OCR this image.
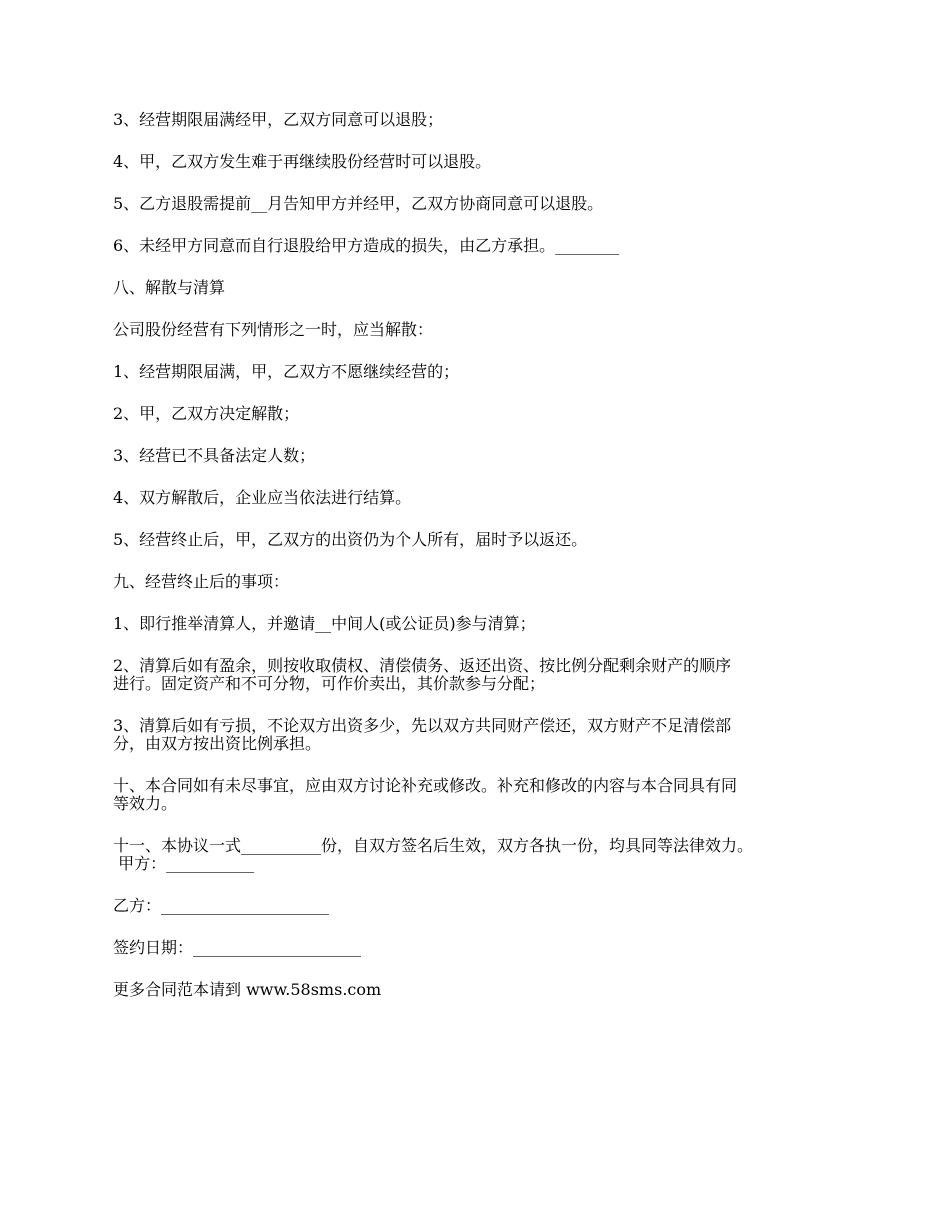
3、经营期限届满经甲，乙双方同意可以退股；

4、甲，乙双方发生难于再继续股份经营时可以退股。

5、乙方退股需提前__月告知甲方并经甲，乙双方协商同意可以退股。

6、未经甲方同意而自行退股给甲方造成的损失，由乙方承担。________

八、解散与清算

公司股份经营有下列情形之一时，应当解散：

1、经营期限届满，甲，乙双方不愿继续经营的；

2、甲，乙双方决定解散；

3、经营已不具备法定人数；

4、双方解散后，企业应当依法进行结算。

5、经营终止后，甲，乙双方的出资仍为个人所有，届时予以返还。

九、经营终止后的事项：

1、即行推举清算人，并邀请__中间人(或公证员)参与清算；

2、清算后如有盈余，则按收取债权、清偿债务、返还出资、按比例分配剩余财产的顺序
进行。固定资产和不可分物，可作价卖出，其价款参与分配；

3、清算后如有亏损，不论双方出资多少，先以双方共同财产偿还，双方财产不足清偿部
分，由双方按出资比例承担。

十、本合同如有未尽事宜，应由双方讨论补充或修改。补充和修改的内容与本合同具有同
等效力。

十一、本协议一式__________份，自双方签名后生效，双方各执一份，均具同等法律效力。
甲方：___________

乙方：_____________________

签约日期：_____________________

更多合同范本请到 www.58sms.com
